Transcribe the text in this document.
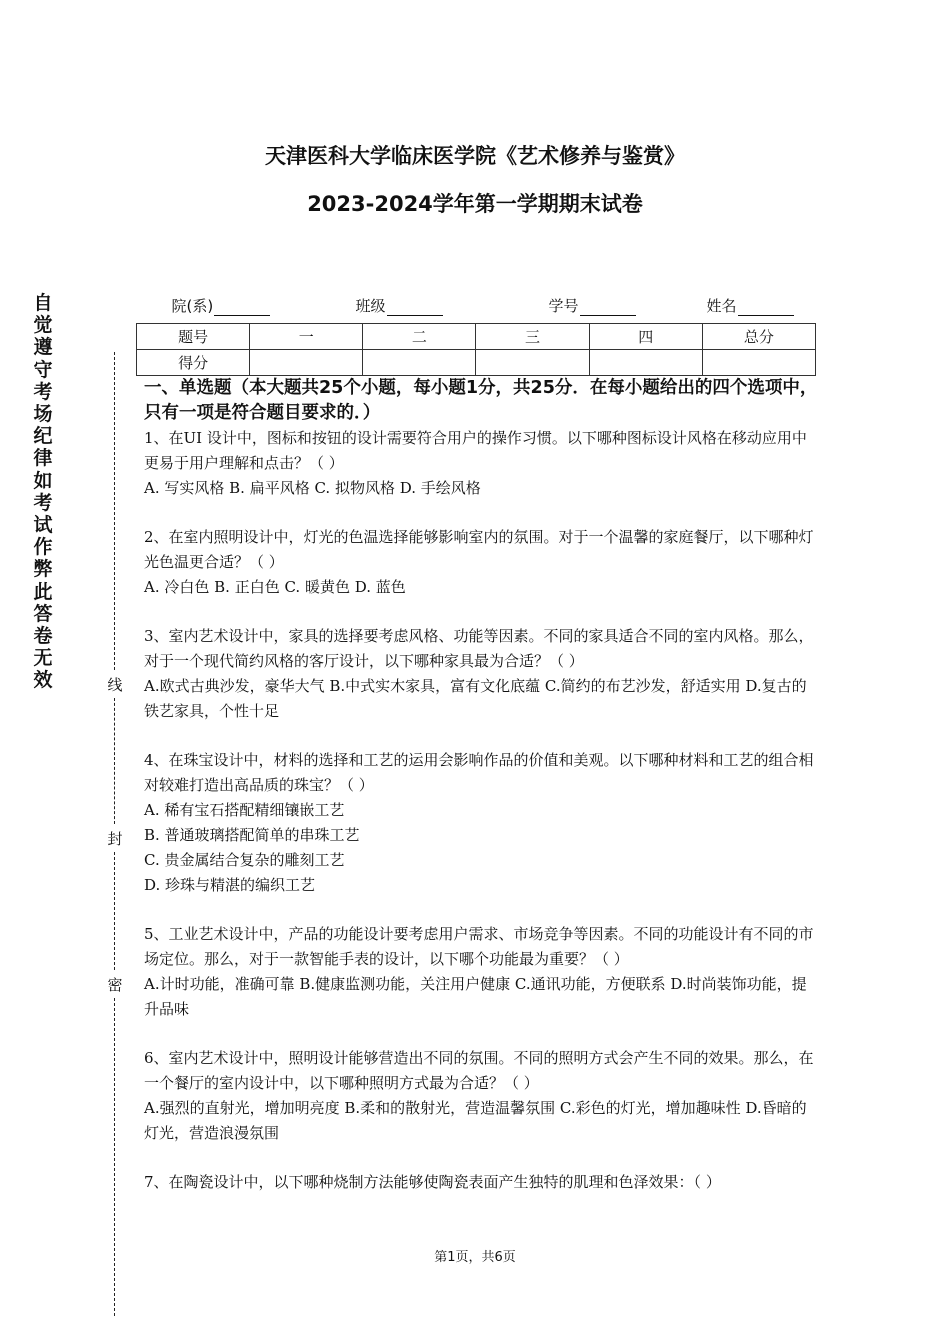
天津医科大学临床医学院《艺术修养与鉴赏》
2023-2024学年第一学期期末试卷
自觉遵守考场纪律如考试作弊此答卷无效	线
封
密

院(系)	班级	学号	姓名

题号	一	二	三	四	总分
得分					
一、单选题（本大题共25个小题，每小题1分，共25分．在每小题给出的四个选项中，只有一项是符合题目要求的．）

1、在UI 设计中，图标和按钮的设计需要符合用户的操作习惯。以下哪种图标设计风格在移动应用中更易于用户理解和点击？（ ）

A. 写实风格 B. 扁平风格 C. 拟物风格 D. 手绘风格

2、在室内照明设计中，灯光的色温选择能够影响室内的氛围。对于一个温馨的家庭餐厅，以下哪种灯光色温更合适？（ ）

A. 冷白色 B. 正白色 C. 暖黄色 D. 蓝色

3、室内艺术设计中，家具的选择要考虑风格、功能等因素。不同的家具适合不同的室内风格。那么，对于一个现代简约风格的客厅设计，以下哪种家具最为合适？（ ）

A.欧式古典沙发，豪华大气 B.中式实木家具，富有文化底蕴 C.简约的布艺沙发，舒适实用 D.复古的铁艺家具，个性十足

4、在珠宝设计中，材料的选择和工艺的运用会影响作品的价值和美观。以下哪种材料和工艺的组合相对较难打造出高品质的珠宝？（ ）

A. 稀有宝石搭配精细镶嵌工艺

B. 普通玻璃搭配简单的串珠工艺

C. 贵金属结合复杂的雕刻工艺

D. 珍珠与精湛的编织工艺

5、工业艺术设计中，产品的功能设计要考虑用户需求、市场竞争等因素。不同的功能设计有不同的市场定位。那么，对于一款智能手表的设计，以下哪个功能最为重要？（ ）

A.计时功能，准确可靠 B.健康监测功能，关注用户健康 C.通讯功能，方便联系 D.时尚装饰功能，提升品味

6、室内艺术设计中，照明设计能够营造出不同的氛围。不同的照明方式会产生不同的效果。那么，在一个餐厅的室内设计中，以下哪种照明方式最为合适？（ ）

A.强烈的直射光，增加明亮度 B.柔和的散射光，营造温馨氛围 C.彩色的灯光，增加趣味性 D.昏暗的灯光，营造浪漫氛围

7、在陶瓷设计中，以下哪种烧制方法能够使陶瓷表面产生独特的肌理和色泽效果：（ ）

第1页，共6页
